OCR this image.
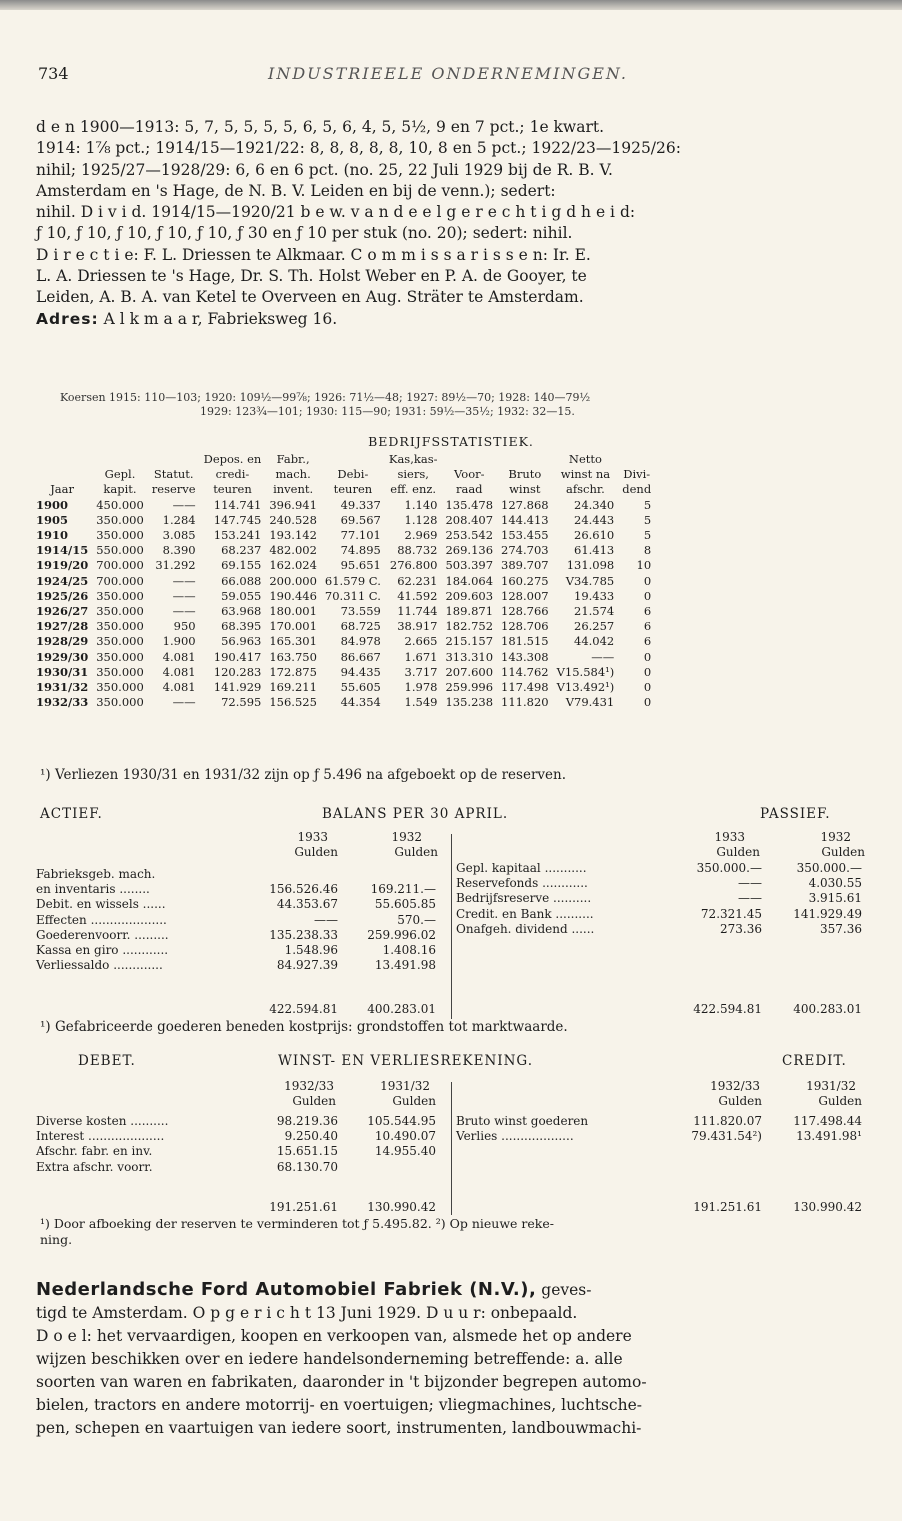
734	INDUSTRIEELE ONDERNEMINGEN.

d e n 1900—1913: 5, 7, 5, 5, 5, 5, 6, 5, 6, 4, 5, 5½, 9 en 7 pct.; 1e kwart.

1914: 1⅞ pct.; 1914/15—1921/22: 8, 8, 8, 8, 8, 10, 8 en 5 pct.; 1922/23—1925/26:

nihil; 1925/27—1928/29: 6, 6 en 6 pct. (no. 25, 22 Juli 1929 bij de R. B. V.

Amsterdam en 's Hage, de N. B. V. Leiden en bij de venn.); sedert:

nihil. D i v i d. 1914/15—1920/21 b e w. v a n d e e l g e r e c h t i g d h e i d:

ƒ 10, ƒ 10, ƒ 10, ƒ 10, ƒ 10, ƒ 30 en ƒ 10 per stuk (no. 20); sedert: nihil.

D i r e c t i e: F. L. Driessen te Alkmaar. C o m m i s s a r i s s e n: Ir. E.

L. A. Driessen te 's Hage, Dr. S. Th. Holst Weber en P. A. de Gooyer, te

Leiden, A. B. A. van Ketel te Overveen en Aug. Sträter te Amsterdam.

Adres: A l k m a a r, Fabrieksweg 16.

Koersen 1915: 110—103; 1920: 109½—99⅞; 1926: 71½—48; 1927: 89½—70; 1928: 140—79½
1929: 123¾—101; 1930: 115—90; 1931: 59½—35½; 1932: 32—15.
BEDRIJFSSTATISTIEK.
			Depos. en	Fabr.,		Kas,kas-			Netto	
	Gepl.	Statut.	credi-	mach.	Debi-	siers,	Voor-	Bruto	winst na	Divi-
Jaar	kapit.	reserve	teuren	invent.	teuren	eff. enz.	raad	winst	afschr.	dend
1900	450.000	——	114.741	396.941	49.337	1.140	135.478	127.868	24.340	5
1905	350.000	1.284	147.745	240.528	69.567	1.128	208.407	144.413	24.443	5
1910	350.000	3.085	153.241	193.142	77.101	2.969	253.542	153.455	26.610	5
1914/15	550.000	8.390	68.237	482.002	74.895	88.732	269.136	274.703	61.413	8
1919/20	700.000	31.292	69.155	162.024	95.651	276.800	503.397	389.707	131.098	10
1924/25	700.000	——	66.088	200.000	61.579 C.	62.231	184.064	160.275	V34.785	0
1925/26	350.000	——	59.055	190.446	70.311 C.	41.592	209.603	128.007	19.433	0
1926/27	350.000	——	63.968	180.001	73.559	11.744	189.871	128.766	21.574	6
1927/28	350.000	950	68.395	170.001	68.725	38.917	182.752	128.706	26.257	6
1928/29	350.000	1.900	56.963	165.301	84.978	2.665	215.157	181.515	44.042	6
1929/30	350.000	4.081	190.417	163.750	86.667	1.671	313.310	143.308	——	0
1930/31	350.000	4.081	120.283	172.875	94.435	3.717	207.600	114.762	V15.584¹)	0
1931/32	350.000	4.081	141.929	169.211	55.605	1.978	259.996	117.498	V13.492¹)	0
1932/33	350.000	——	72.595	156.525	44.354	1.549	135.238	111.820	V79.431	0
¹) Verliezen 1930/31 en 1931/32 zijn op ƒ 5.496 na afgeboekt op de reserven.
ACTIEF.	BALANS PER 30 APRIL.	PASSIEF.
1933	1932
Gulden	Gulden
1933	1932
Gulden	Gulden
Fabrieksgeb. mach.
en inventaris ........	156.526.46	169.211.—
Debit. en wissels ......	44.353.67	55.605.85
Effecten ....................	——	570.—
Goederenvoorr. .........	135.238.33 259.996.02
Kassa en giro ............	1.548.96	1.408.16
Verliessaldo .............	84.927.39	13.491.98
Gepl. kapitaal ...........	350.000.—	350.000.—
Reservefonds ............	——	4.030.55
Bedrijfsreserve ..........	——	3.915.61
Credit. en Bank ..........	72.321.45	141.929.49
Onafgeh. dividend ......	273.36	357.36
422.594.81 400.283.01	422.594.81	400.283.01
¹) Gefabriceerde goederen beneden kostprijs: grondstoffen tot marktwaarde.
DEBET.	WINST- EN VERLIESREKENING.	CREDIT.
1932/33	1931/32
Gulden	Gulden
1932/33	1931/32
Gulden	Gulden
Diverse kosten ..........	98.219.36 105.544.95
Interest ....................	9.250.40	10.490.07
Afschr. fabr. en inv.	15.651.15	14.955.40
Extra afschr. voorr.	68.130.70
Bruto winst goederen	111.820.07	117.498.44
Verlies ...................	79.431.54²)	13.491.98¹
191.251.61 130.990.42	191.251.61	130.990.42
¹) Door afboeking der reserven te verminderen tot ƒ 5.495.82. ²) Op nieuwe reke-
ning.
Nederlandsche Ford Automobiel Fabriek (N.V.), geves-
tigd te Amsterdam. O p g e r i c h t 13 Juni 1929. D u u r: onbepaald.
D o e l: het vervaardigen, koopen en verkoopen van, alsmede het op andere
wijzen beschikken over en iedere handelsonderneming betreffende: a. alle
soorten van waren en fabrikaten, daaronder in 't bijzonder begrepen automo-
bielen, tractors en andere motorrij- en voertuigen; vliegmachines, luchtsche-
pen, schepen en vaartuigen van iedere soort, instrumenten, landbouwmachi-
